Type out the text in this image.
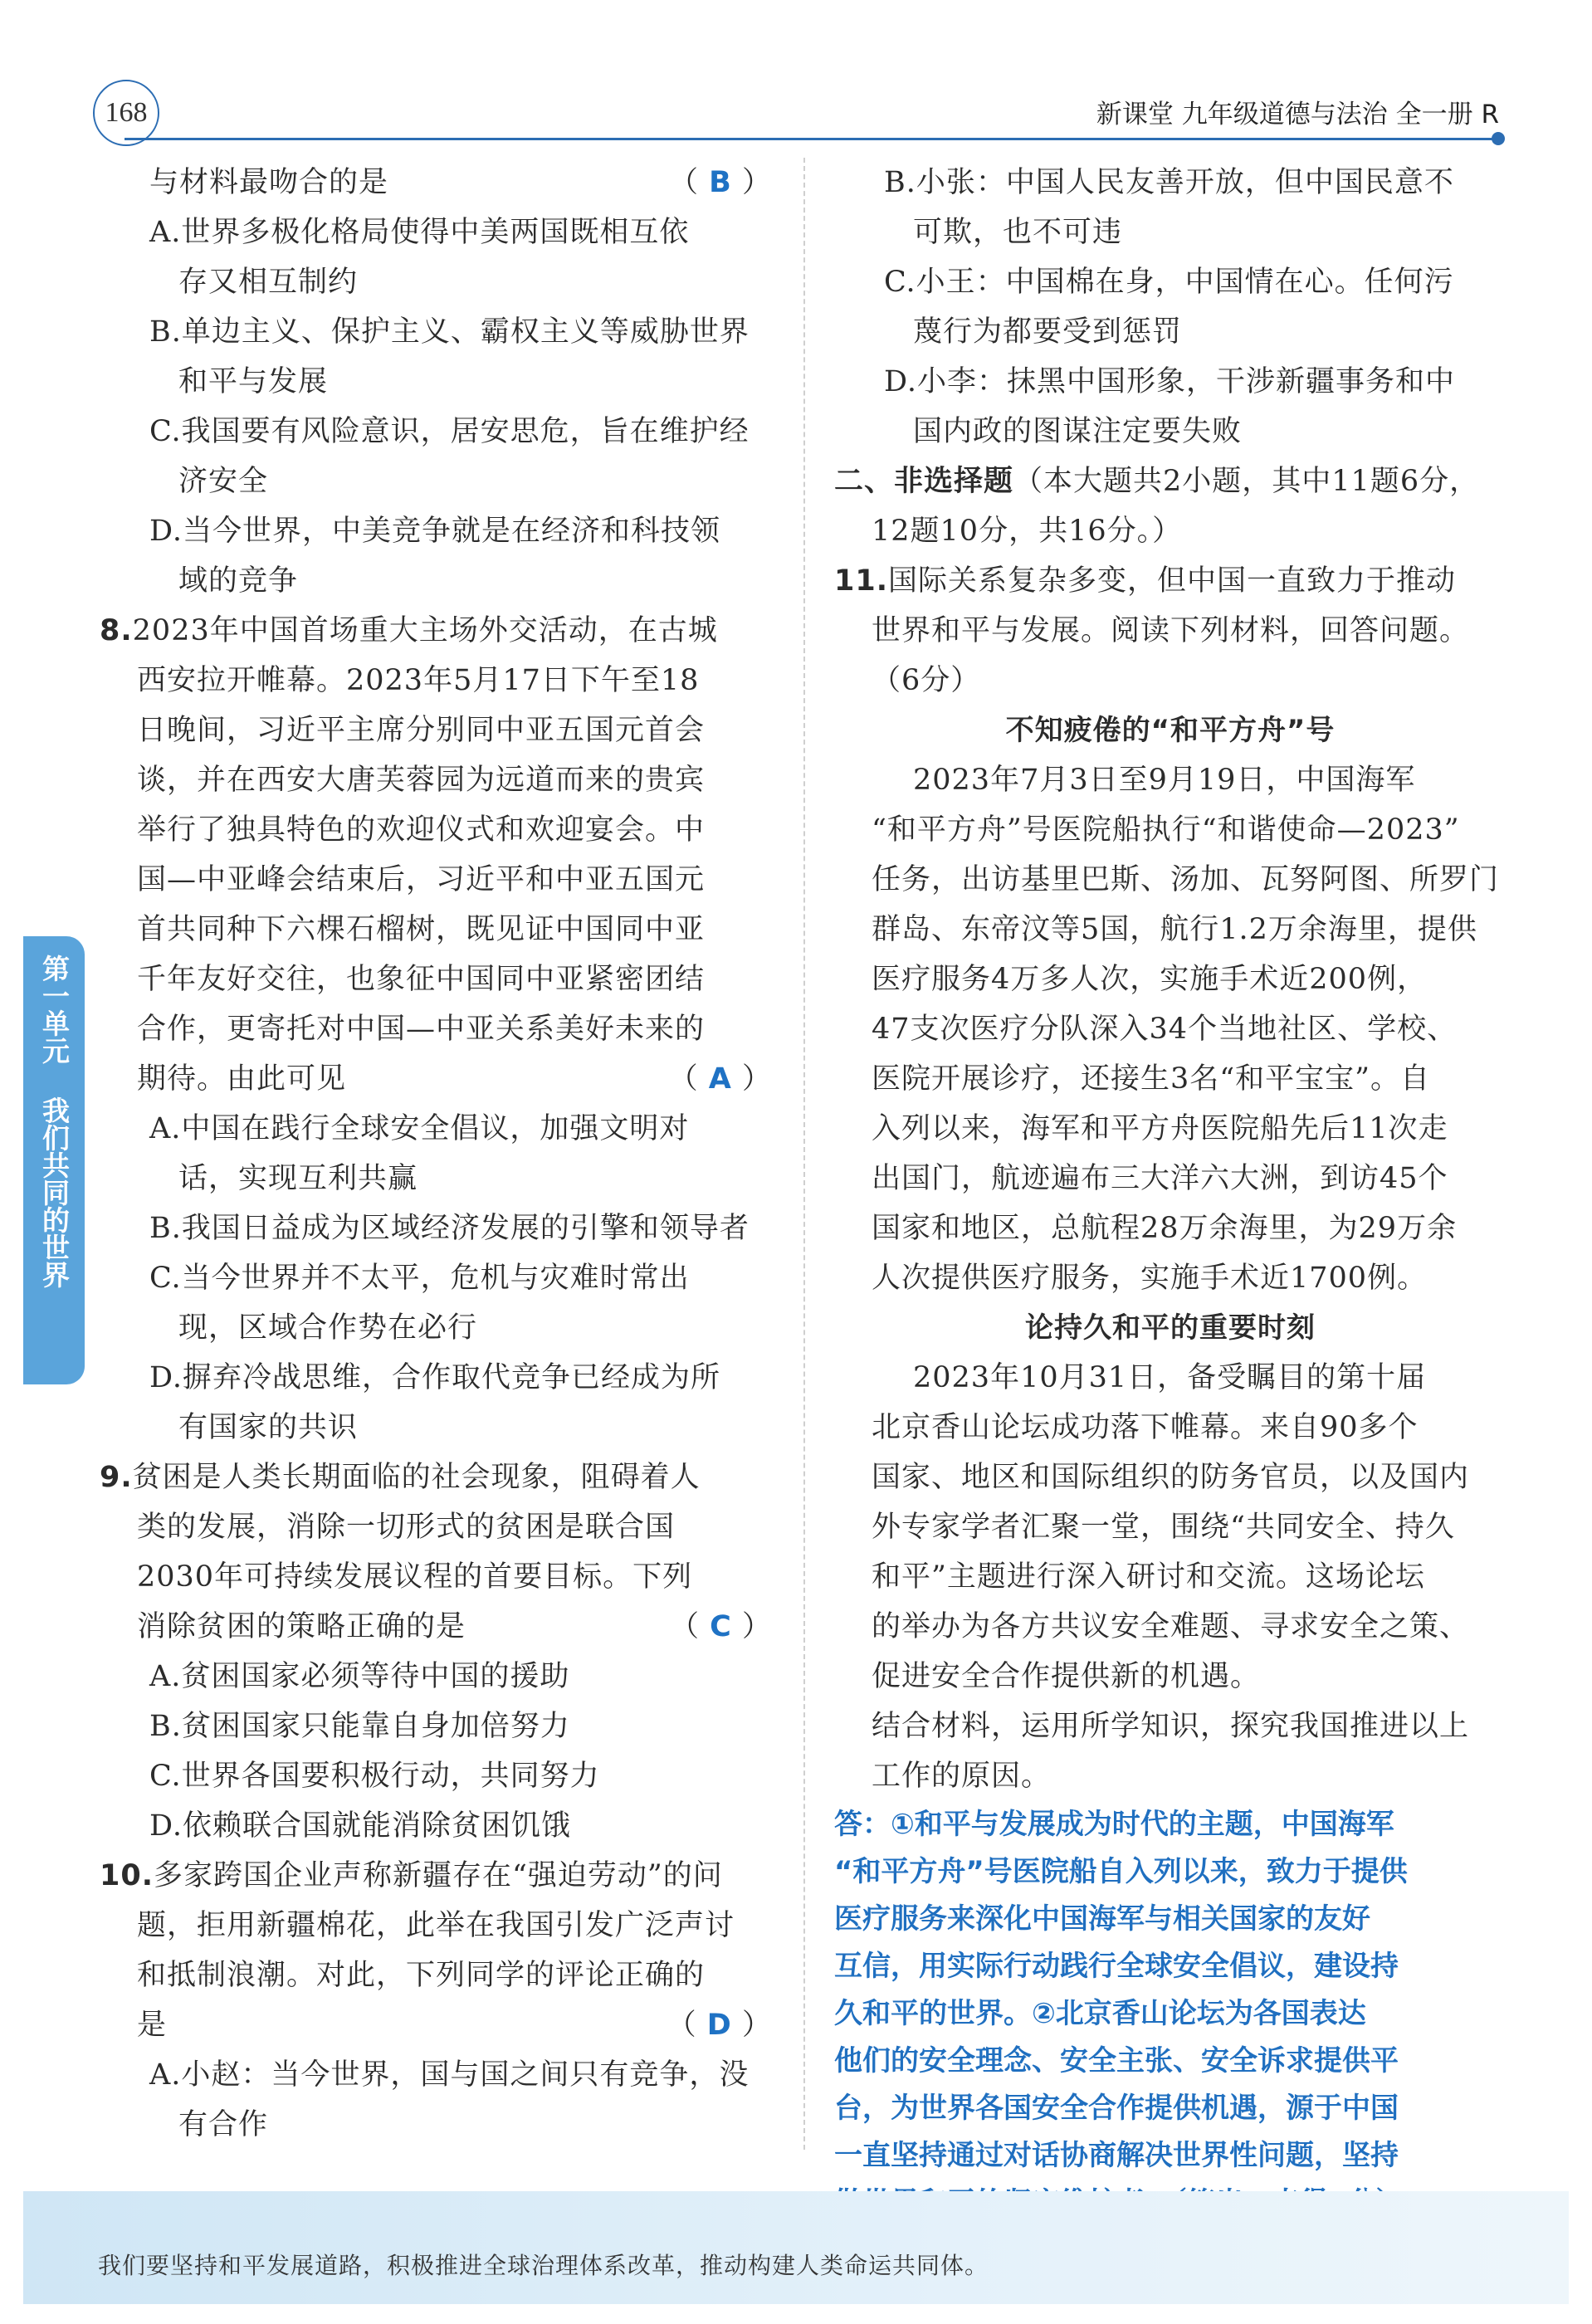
168	新课堂 九年级道德与法治 全一册 R
第一单元 我们共同的世界
与材料最吻合的是	（ B ）
A.世界多极化格局使得中美两国既相互依
存又相互制约
B.单边主义、保护主义、霸权主义等威胁世界
和平与发展
C.我国要有风险意识，居安思危，旨在维护经
济安全
D.当今世界，中美竞争就是在经济和科技领
域的竞争
8.2023年中国首场重大主场外交活动，在古城
西安拉开帷幕。2023年5月17日下午至18
日晚间，习近平主席分别同中亚五国元首会
谈，并在西安大唐芙蓉园为远道而来的贵宾
举行了独具特色的欢迎仪式和欢迎宴会。中
国—中亚峰会结束后，习近平和中亚五国元
首共同种下六棵石榴树，既见证中国同中亚
千年友好交往，也象征中国同中亚紧密团结
合作，更寄托对中国—中亚关系美好未来的
期待。由此可见	（ A ）
A.中国在践行全球安全倡议，加强文明对
话，实现互利共赢
B.我国日益成为区域经济发展的引擎和领导者
C.当今世界并不太平，危机与灾难时常出
现，区域合作势在必行
D.摒弃冷战思维，合作取代竞争已经成为所
有国家的共识
9.贫困是人类长期面临的社会现象，阻碍着人
类的发展，消除一切形式的贫困是联合国
2030年可持续发展议程的首要目标。下列
消除贫困的策略正确的是	（ C ）
A.贫困国家必须等待中国的援助
B.贫困国家只能靠自身加倍努力
C.世界各国要积极行动，共同努力
D.依赖联合国就能消除贫困饥饿
10.多家跨国企业声称新疆存在“强迫劳动”的问
题，拒用新疆棉花，此举在我国引发广泛声讨
和抵制浪潮。对此，下列同学的评论正确的
是	（ D ）
A.小赵：当今世界，国与国之间只有竞争，没
有合作
B.小张：中国人民友善开放，但中国民意不
可欺，也不可违
C.小王：中国棉在身，中国情在心。任何污
蔑行为都要受到惩罚
D.小李：抹黑中国形象，干涉新疆事务和中
国内政的图谋注定要失败
二、非选择题（本大题共2小题，其中11题6分，
12题10分，共16分。）
11.国际关系复杂多变，但中国一直致力于推动
世界和平与发展。阅读下列材料，回答问题。
（6分）
不知疲倦的“和平方舟”号
2023年7月3日至9月19日，中国海军
“和平方舟”号医院船执行“和谐使命—2023”
任务，出访基里巴斯、汤加、瓦努阿图、所罗门
群岛、东帝汶等5国，航行1.2万余海里，提供
医疗服务4万多人次，实施手术近200例，
47支次医疗分队深入34个当地社区、学校、
医院开展诊疗，还接生3名“和平宝宝”。自
入列以来，海军和平方舟医院船先后11次走
出国门，航迹遍布三大洋六大洲，到访45个
国家和地区，总航程28万余海里，为29万余
人次提供医疗服务，实施手术近1700例。
论持久和平的重要时刻
2023年10月31日，备受瞩目的第十届
北京香山论坛成功落下帷幕。来自90多个
国家、地区和国际组织的防务官员，以及国内
外专家学者汇聚一堂，围绕“共同安全、持久
和平”主题进行深入研讨和交流。这场论坛
的举办为各方共议安全难题、寻求安全之策、
促进安全合作提供新的机遇。
结合材料，运用所学知识，探究我国推进以上
工作的原因。
答：①和平与发展成为时代的主题，中国海军
“和平方舟”号医院船自入列以来，致力于提供
医疗服务来深化中国海军与相关国家的友好
互信，用实际行动践行全球安全倡议，建设持
久和平的世界。②北京香山论坛为各国表达
他们的安全理念、安全主张、安全诉求提供平
台，为世界各国安全合作提供机遇，源于中国
一直坚持通过对话协商解决世界性问题，坚持
我们要坚持和平发展道路，积极推进全球治理体系改革，推动构建人类命运共同体。
